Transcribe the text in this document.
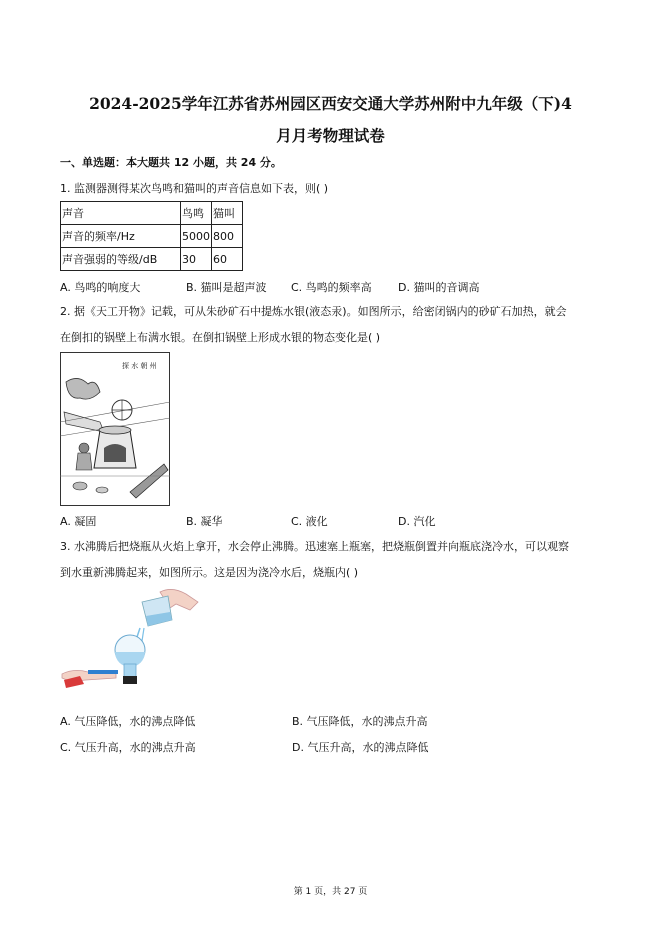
2024-2025学年江苏省苏州园区西安交通大学苏州附中九年级（下)4
月月考物理试卷
一、单选题：本大题共 12 小题，共 24 分。
1. 监测器测得某次鸟鸣和猫叫的声音信息如下表，则( )
声音	鸟鸣	猫叫
声音的频率/Hz	5000	800
声音强弱的等级/dB	30	60
A. 鸟鸣的响度大	B. 猫叫是超声波 C. 鸟鸣的频率高 D. 猫叫的音调高
2. 据《天工开物》记载，可从朱砂矿石中提炼水银(液态汞)。如图所示，给密闭锅内的砂矿石加热，就会
在倒扣的锅壁上布满水银。在倒扣锅壁上形成水银的物态变化是( )
探 水 朝 州
A. 凝固	B. 凝华	C. 液化	D. 汽化
3. 水沸腾后把烧瓶从火焰上拿开，水会停止沸腾。迅速塞上瓶塞，把烧瓶倒置并向瓶底浇冷水，可以观察
到水重新沸腾起来，如图所示。这是因为浇冷水后，烧瓶内( )
A. 气压降低，水的沸点降低	B. 气压降低，水的沸点升高
C. 气压升高，水的沸点升高	D. 气压升高，水的沸点降低
第 1 页，共 27 页
